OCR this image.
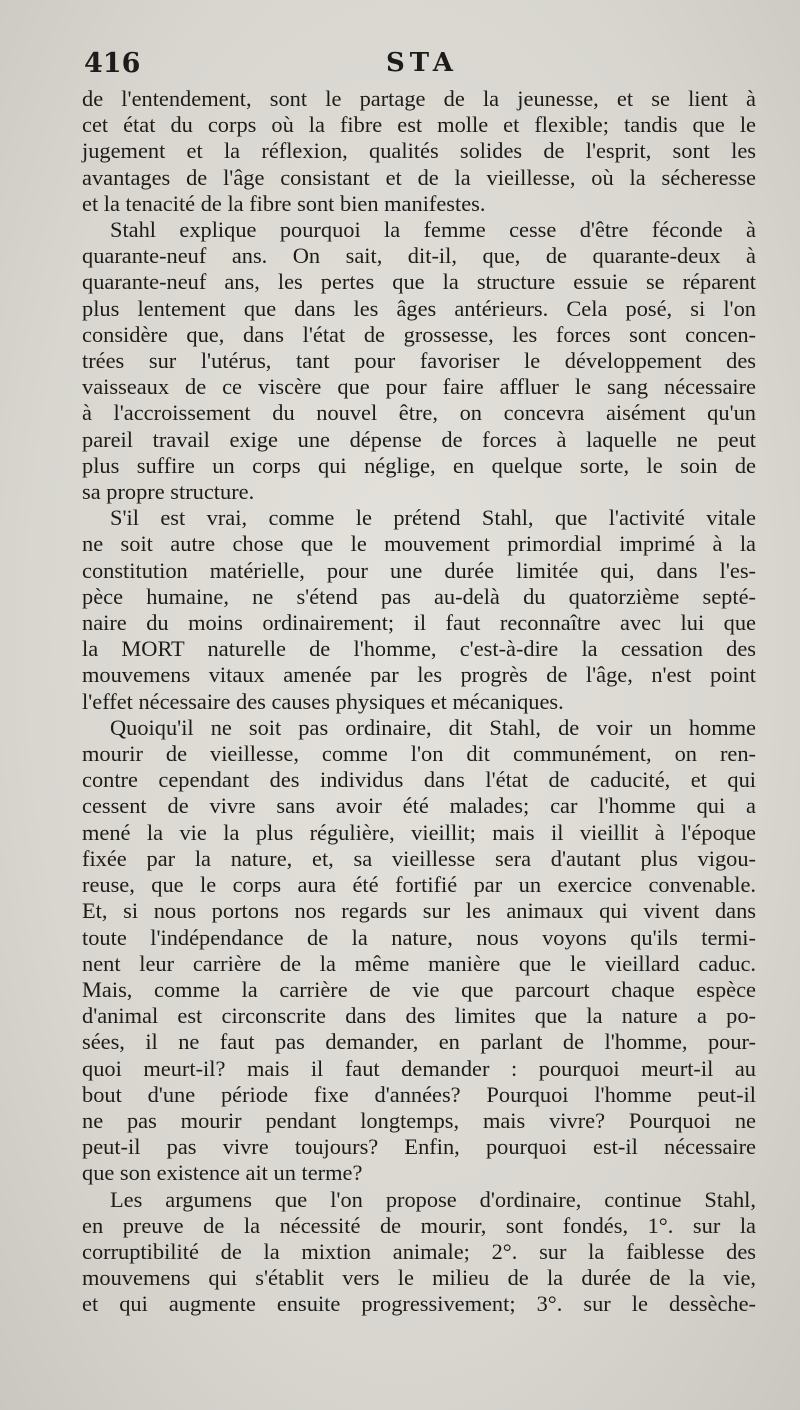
416	STA

de l'entendement, sont le partage de la jeunesse, et se lient à
cet état du corps où la fibre est molle et flexible; tandis que le
jugement et la réflexion, qualités solides de l'esprit, sont les
avantages de l'âge consistant et de la vieillesse, où la sécheresse
et la tenacité de la fibre sont bien manifestes.

Stahl explique pourquoi la femme cesse d'être féconde à
quarante-neuf ans. On sait, dit-il, que, de quarante-deux à
quarante-neuf ans, les pertes que la structure essuie se réparent
plus lentement que dans les âges antérieurs. Cela posé, si l'on
considère que, dans l'état de grossesse, les forces sont concen-
trées sur l'utérus, tant pour favoriser le développement des
vaisseaux de ce viscère que pour faire affluer le sang nécessaire
à l'accroissement du nouvel être, on concevra aisément qu'un
pareil travail exige une dépense de forces à laquelle ne peut
plus suffire un corps qui néglige, en quelque sorte, le soin de
sa propre structure.

S'il est vrai, comme le prétend Stahl, que l'activité vitale
ne soit autre chose que le mouvement primordial imprimé à la
constitution matérielle, pour une durée limitée qui, dans l'es-
pèce humaine, ne s'étend pas au-delà du quatorzième septé-
naire du moins ordinairement; il faut reconnaître avec lui que
la MORT naturelle de l'homme, c'est-à-dire la cessation des
mouvemens vitaux amenée par les progrès de l'âge, n'est point
l'effet nécessaire des causes physiques et mécaniques.

Quoiqu'il ne soit pas ordinaire, dit Stahl, de voir un homme
mourir de vieillesse, comme l'on dit communément, on ren-
contre cependant des individus dans l'état de caducité, et qui
cessent de vivre sans avoir été malades; car l'homme qui a
mené la vie la plus régulière, vieillit; mais il vieillit à l'époque
fixée par la nature, et, sa vieillesse sera d'autant plus vigou-
reuse, que le corps aura été fortifié par un exercice convenable.
Et, si nous portons nos regards sur les animaux qui vivent dans
toute l'indépendance de la nature, nous voyons qu'ils termi-
nent leur carrière de la même manière que le vieillard caduc.
Mais, comme la carrière de vie que parcourt chaque espèce
d'animal est circonscrite dans des limites que la nature a po-
sées, il ne faut pas demander, en parlant de l'homme, pour-
quoi meurt-il? mais il faut demander : pourquoi meurt-il au
bout d'une période fixe d'années? Pourquoi l'homme peut-il
ne pas mourir pendant longtemps, mais vivre? Pourquoi ne
peut-il pas vivre toujours? Enfin, pourquoi est-il nécessaire
que son existence ait un terme?

Les argumens que l'on propose d'ordinaire, continue Stahl,
en preuve de la nécessité de mourir, sont fondés, 1°. sur la
corruptibilité de la mixtion animale; 2°. sur la faiblesse des
mouvemens qui s'établit vers le milieu de la durée de la vie,
et qui augmente ensuite progressivement; 3°. sur le dessèche-
